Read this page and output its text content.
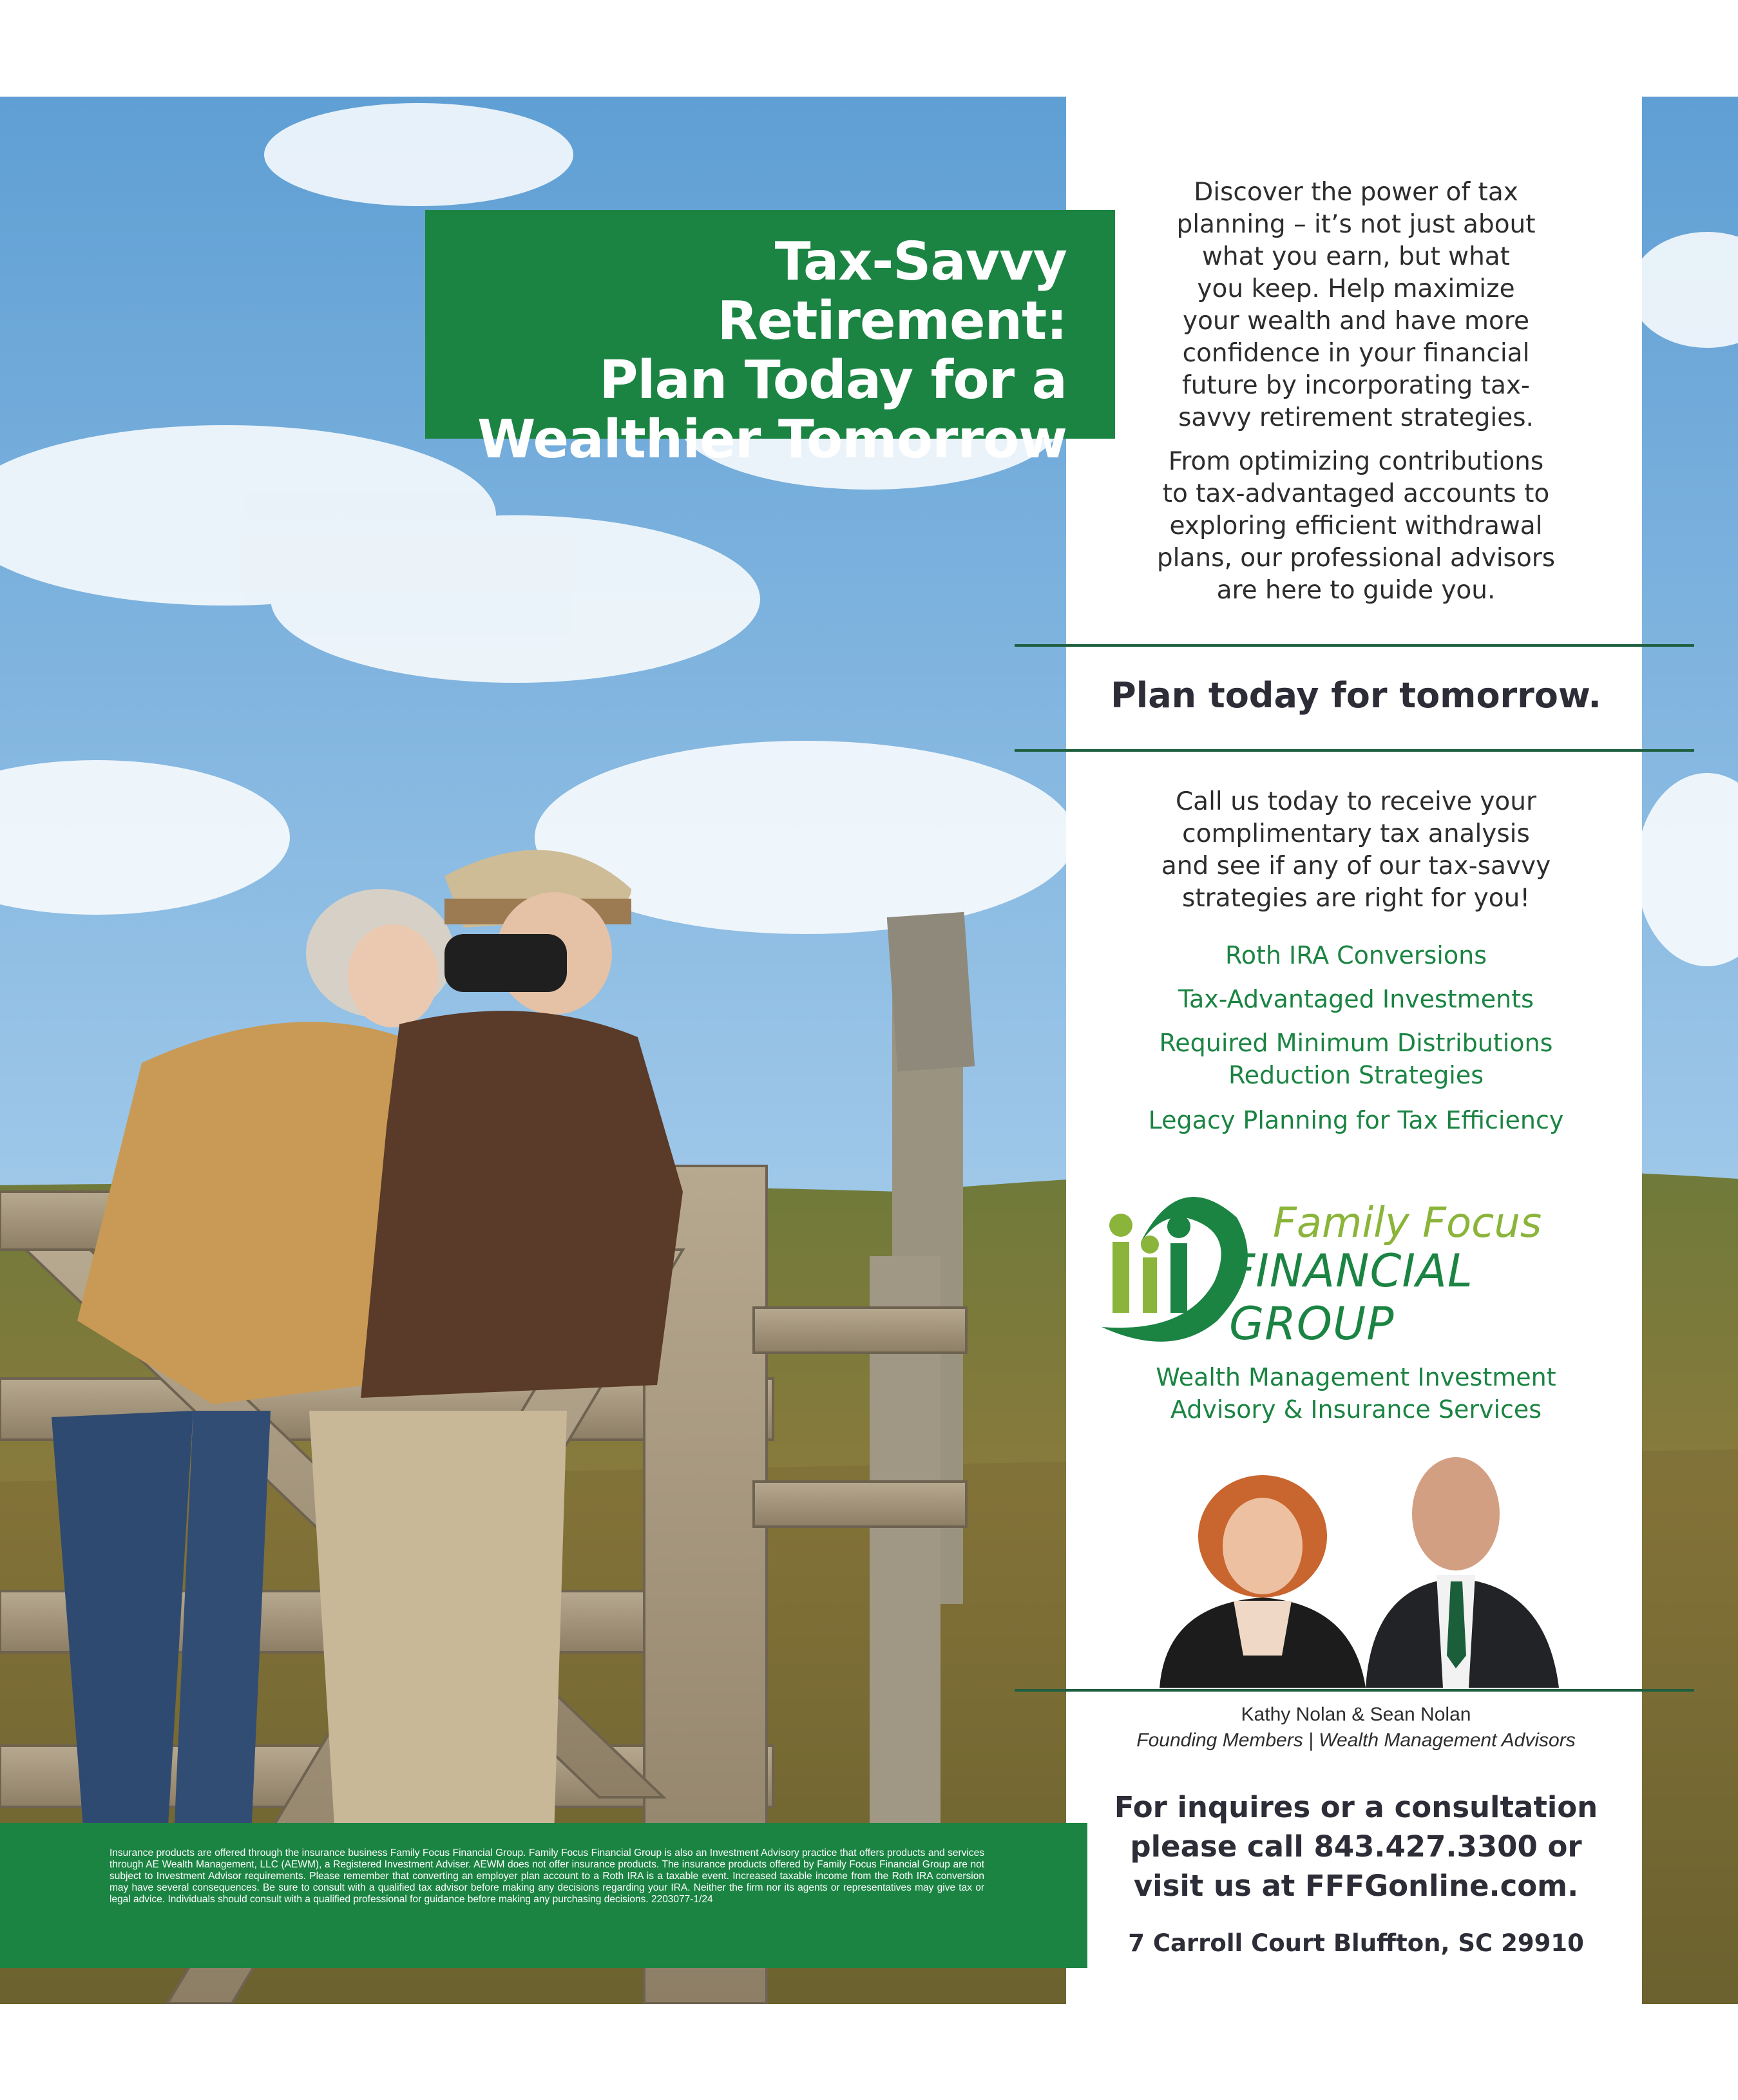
Tax-Savvy Retirement:
Plan Today for a
Wealthier Tomorrow
Discover the power of tax
planning – it’s not just about
what you earn, but what
you keep. Help maximize
your wealth and have more
confidence in your financial
future by incorporating tax-
savvy retirement strategies.
From optimizing contributions
to tax-advantaged accounts to
exploring efficient withdrawal
plans, our professional advisors
are here to guide you.
Plan today for tomorrow.
Call us today to receive your
complimentary tax analysis
and see if any of our tax-savvy
strategies are right for you!
Roth IRA Conversions
Tax-Advantaged Investments
Required Minimum Distributions
Reduction Strategies
Legacy Planning for Tax Efficiency
Family Focus
FINANCIAL GROUP
Wealth Management Investment
Advisory & Insurance Services
Kathy Nolan & Sean Nolan
Founding Members | Wealth Management Advisors
For inquires or a consultation
please call 843.427.3300 or
visit us at FFFGonline.com.
7 Carroll Court Bluffton, SC 29910
Insurance products are offered through the insurance business Family Focus Financial Group. Family Focus Financial Group is also an Investment Advisory practice that offers products and services through AE Wealth Management, LLC (AEWM), a Registered Investment Adviser. AEWM does not offer insurance products. The insurance products offered by Family Focus Financial Group are not subject to Investment Advisor requirements. Please remember that converting an employer plan account to a Roth IRA is a taxable event. Increased taxable income from the Roth IRA conversion may have several consequences. Be sure to consult with a qualified tax advisor before making any decisions regarding your IRA. Neither the firm nor its agents or representatives may give tax or legal advice. Individuals should consult with a qualified professional for guidance before making any purchasing decisions. 2203077-1/24
